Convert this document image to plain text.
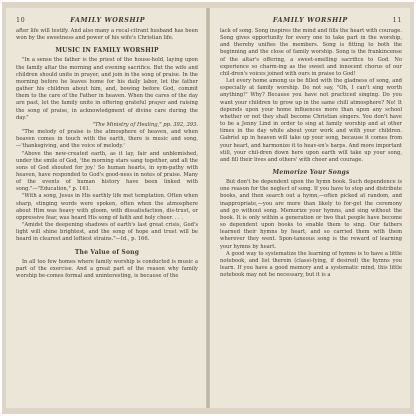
10	FAMILY WORSHIP

after life will testify. And also many a recal-citrant husband has been won by the sweetness and power of his wife's Christian life.

MUSIC IN FAMILY WORSHIP

"In a sense the father is the priest of the house-hold, laying upon the family altar the morning and evening sacrifice. But the wife and children should unite in prayer, and join in the song of praise. In the morning before he leaves home for his daily labor, let the father gather his children about him, and, bowing before God, commit them to the care of the Father in heaven. When the cares of the day are past, let the family unite in offering grateful prayer and raising the song of praise, in acknowledgment of divine care during the day."

"The Ministry of Healing," pp. 392, 393.

"The melody of praise is the atmosphere of heaven, and when heaven comes in touch with the earth, there is music and song,—'thanksgiving, and the voice of melody.'

"Above the new-created earth, as it lay, fair and unblemished, under the smile of God, 'the morning stars sang together, and all the sons of God shouted for joy.' So human hearts, in sym-pathy with heaven, have responded to God's good-ness in notes of praise. Many of the events of human history have been linked with song."—"Education," p. 161.

"With a song, Jesus in His earthly life met temptation. Often when sharp, stinging words were spoken, often when the atmosphere about Him was heavy with gloom, with dissatisfaction, dis-trust, or oppressive fear, was heard His song of faith and holy cheer. . . .

"Amidst the deepening shadows of earth's last great crisis, God's light will shine brightest, and the song of hope and trust will be heard in clearest and loftiest strains."—Id., p. 166.

The Value of Song

In all too few homes where family worship is conducted is music a part of the exercise. And a great part of the reason why family worship be-comes formal and uninteresting, is because of the

FAMILY WORSHIP	11

lack of song. Song inspires the mind and fills the heart with courage. Song gives opportunity for every one to take part in the worship, and thereby unifies the members. Song is fitting to both the beginning and the close of family worship. Song is the frankincense of the altar's offering, a sweet-smelling sacrifice to God. No experience so charm-ing as the sweet and innocent chorus of our chil-dren's voices joined with ours in praise to God!

Let every home among us be filled with the gladness of song, and especially at family worship. Do not say, "Oh, I can't sing worth anything!" Why? Because you have not practiced singing. Do you want your children to grow up in the same chill atmosphere? No! It depends upon your home influences more than upon any school whether or not they shall become Christian singers. You don't have to be a Jenny Lind in order to sing at family worship and at other times in the day while about your work and with your children. Gabriel up in heaven will take up your song, because it comes from your heart, and harmonize it to heav-en's harps. And more important still, your chil-dren down here upon earth will take up your song, and fill their lives and others' with cheer and courage.

Memorize Your Songs

But don't be dependent upon the hymn book. Such dependence is one reason for the neglect of song. If you have to stop and distribute books, and then search out a hymn,—often picked at random, and inappropriate,—you are more than likely to for-get the ceremony and go without song. Memorize your hymns, and sing without the book. It is only within a generation or two that people have become so dependent upon books to enable them to sing. Our fathers learned their hymns by heart, and so carried them with them wherever they went. Spon-taneous song is the reward of learning your hymns by heart.

A good way to systematize the learning of hymns is to have a little notebook, and list therein (classi-fying, if desired) the hymns you learn. If you have a good memory and a systematic mind, this little notebook may not be necessary, but it is a
